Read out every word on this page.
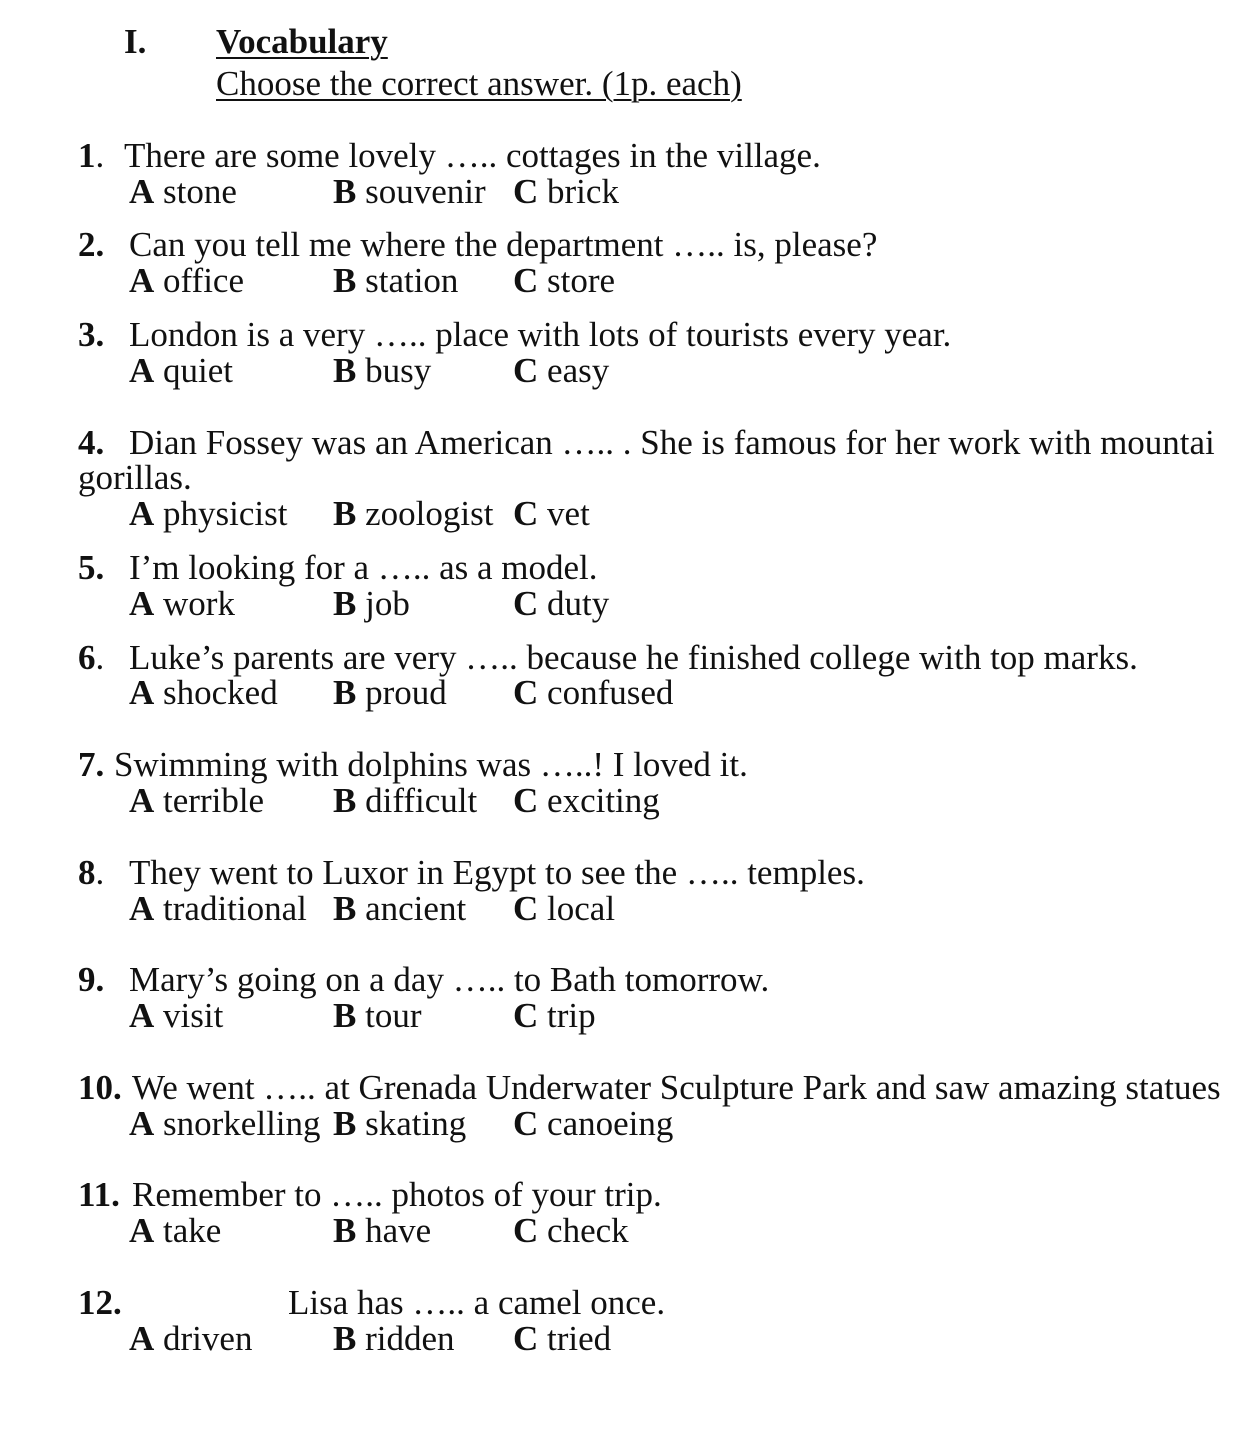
I. Vocabulary
Choose the correct answer. (1p. each)
1. There are some lovely ….. cottages in the village.
A stone	B souvenir C brick
2. Can you tell me where the department ….. is, please?
A office	B station C store
3. London is a very ….. place with lots of tourists every year.
A quiet	B busy C easy
4. Dian Fossey was an American ….. . She is famous for her work with mountai
gorillas.
A physicist B zoologist C vet
5. I’m looking for a ….. as a model.
A work	B job	C duty
6. Luke’s parents are very ….. because he finished college with top marks.
A shocked B proud C confused
7. Swimming with dolphins was …..! I loved it.
A terrible B difficult C exciting
8. They went to Luxor in Egypt to see the ….. temples.
A traditional B ancient C local
9. Mary’s going on a day ….. to Bath tomorrow.
A visit	B tour	C trip
10. We went ….. at Grenada Underwater Sculpture Park and saw amazing statues
A snorkelling B skating C canoeing
11. Remember to ….. photos of your trip.
A take	B have C check
12.	Lisa has ….. a camel once.
A driven B ridden C tried
